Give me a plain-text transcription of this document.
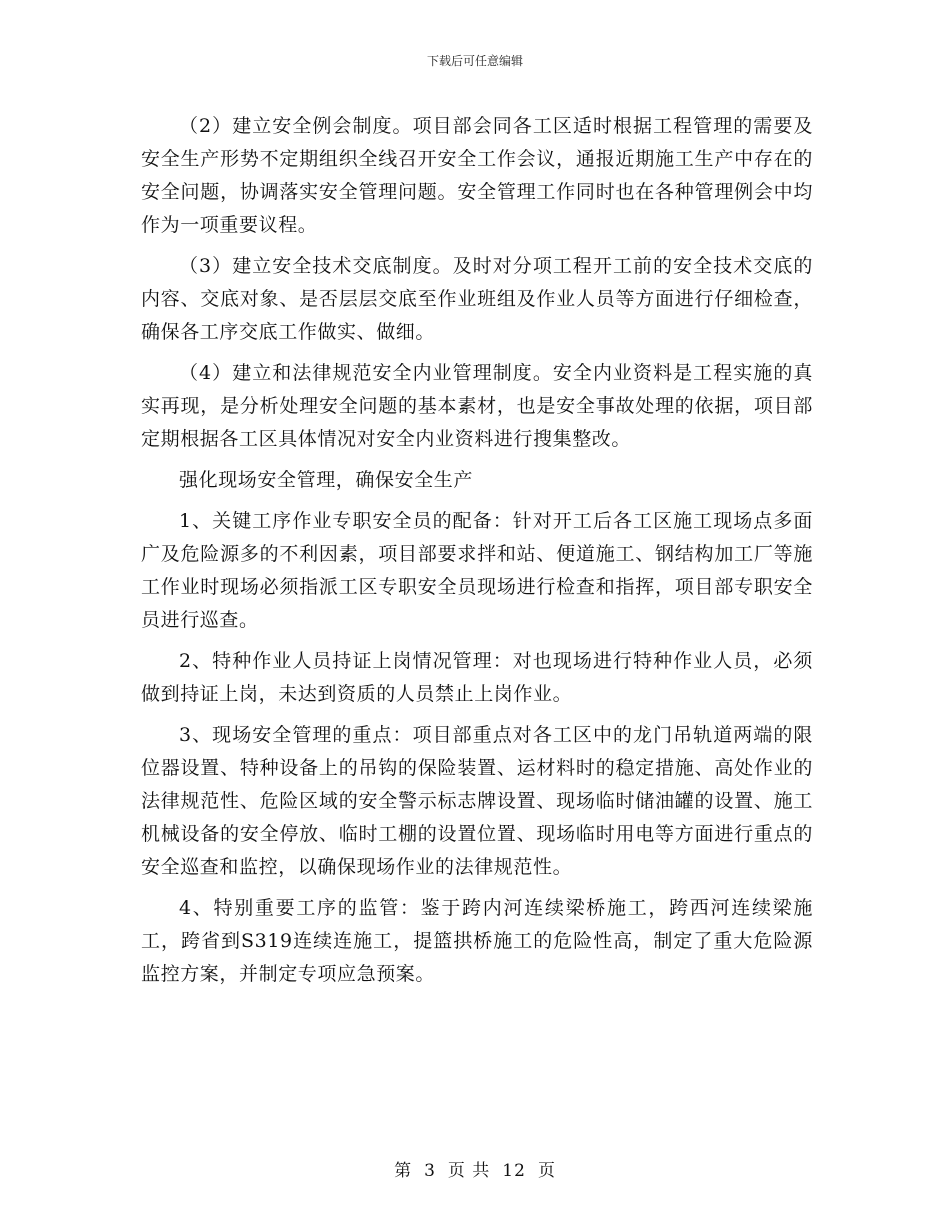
下载后可任意编辑

（2）建立安全例会制度。项目部会同各工区适时根据工程管理的需要及安全生产形势不定期组织全线召开安全工作会议，通报近期施工生产中存在的安全问题，协调落实安全管理问题。安全管理工作同时也在各种管理例会中均作为一项重要议程。

（3）建立安全技术交底制度。及时对分项工程开工前的安全技术交底的内容、交底对象、是否层层交底至作业班组及作业人员等方面进行仔细检查，确保各工序交底工作做实、做细。

（4）建立和法律规范安全内业管理制度。安全内业资料是工程实施的真实再现，是分析处理安全问题的基本素材，也是安全事故处理的依据，项目部定期根据各工区具体情况对安全内业资料进行搜集整改。

强化现场安全管理，确保安全生产

1、关键工序作业专职安全员的配备：针对开工后各工区施工现场点多面广及危险源多的不利因素，项目部要求拌和站、便道施工、钢结构加工厂等施工作业时现场必须指派工区专职安全员现场进行检查和指挥，项目部专职安全员进行巡查。

2、特种作业人员持证上岗情况管理：对也现场进行特种作业人员，必须做到持证上岗，未达到资质的人员禁止上岗作业。

3、现场安全管理的重点：项目部重点对各工区中的龙门吊轨道两端的限位器设置、特种设备上的吊钩的保险装置、运材料时的稳定措施、高处作业的法律规范性、危险区域的安全警示标志牌设置、现场临时储油罐的设置、施工机械设备的安全停放、临时工棚的设置位置、现场临时用电等方面进行重点的安全巡查和监控，以确保现场作业的法律规范性。

4、特别重要工序的监管：鉴于跨内河连续梁桥施工，跨西河连续梁施工，跨省到S319连续连施工，提篮拱桥施工的危险性高，制定了重大危险源监控方案，并制定专项应急预案。

第 3 页 共 12 页
